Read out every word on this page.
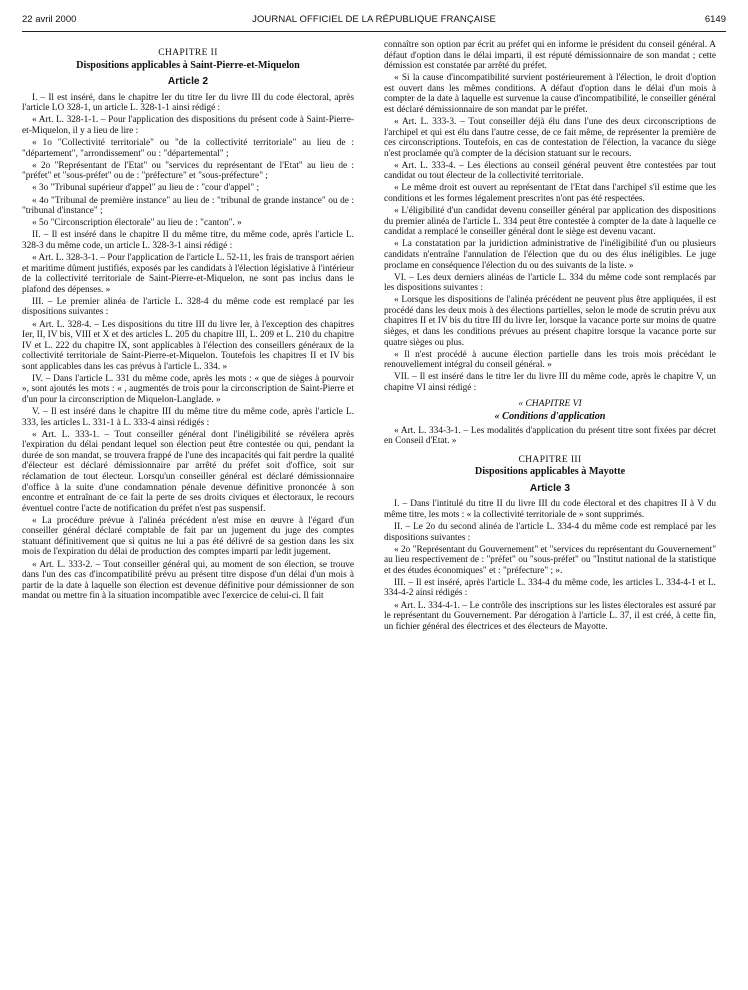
22 avril 2000	JOURNAL OFFICIEL DE LA RÉPUBLIQUE FRANÇAISE	6149

CHAPITRE II

Dispositions applicables à Saint-Pierre-et-Miquelon

Article 2

I. – Il est inséré, dans le chapitre Ier du titre Ier du livre III du code électoral, après l'article LO 328-1, un article L. 328-1-1 ainsi rédigé :

« Art. L. 328-1-1. – Pour l'application des dispositions du présent code à Saint-Pierre-et-Miquelon, il y a lieu de lire :

« 1o "Collectivité territoriale" ou "de la collectivité territoriale" au lieu de : "département", "arrondissement" ou : "départemental" ;

« 2o "Représentant de l'Etat" ou "services du représentant de l'Etat" au lieu de : "préfet" et "sous-préfet" ou de : "préfecture" et "sous-préfecture" ;

« 3o "Tribunal supérieur d'appel" au lieu de : "cour d'appel" ;

« 4o "Tribunal de première instance" au lieu de : "tribunal de grande instance" ou de : "tribunal d'instance" ;

« 5o "Circonscription électorale" au lieu de : "canton". »

II. – Il est inséré dans le chapitre II du même titre, du même code, après l'article L. 328-3 du même code, un article L. 328-3-1 ainsi rédigé :

« Art. L. 328-3-1. – Pour l'application de l'article L. 52-11, les frais de transport aérien et maritime dûment justifiés, exposés par les candidats à l'élection législative à l'intérieur de la collectivité territoriale de Saint-Pierre-et-Miquelon, ne sont pas inclus dans le plafond des dépenses. »

III. – Le premier alinéa de l'article L. 328-4 du même code est remplacé par les dispositions suivantes :

« Art. L. 328-4. – Les dispositions du titre III du livre Ier, à l'exception des chapitres Ier, II, IV bis, VIII et X et des articles L. 205 du chapitre III, L. 209 et L. 210 du chapitre IV et L. 222 du chapitre IX, sont applicables à l'élection des conseillers généraux de la collectivité territoriale de Saint-Pierre-et-Miquelon. Toutefois les chapitres II et IV bis sont applicables dans les cas prévus à l'article L. 334. »

IV. – Dans l'article L. 331 du même code, après les mots : « que de sièges à pourvoir », sont ajoutés les mots : « , augmentés de trois pour la circonscription de Saint-Pierre et d'un pour la circonscription de Miquelon-Langlade. »

V. – Il est inséré dans le chapitre III du même titre du même code, après l'article L. 333, les articles L. 331-1 à L. 333-4 ainsi rédigés :

« Art. L. 333-1. – Tout conseiller général dont l'inéligibilité se révélera après l'expiration du délai pendant lequel son élection peut être contestée ou qui, pendant la durée de son mandat, se trouvera frappé de l'une des incapacités qui fait perdre la qualité d'électeur est déclaré démissionnaire par arrêté du préfet soit d'office, soit sur réclamation de tout électeur. Lorsqu'un conseiller général est déclaré démissionnaire d'office à la suite d'une condamnation pénale devenue définitive prononcée à son encontre et entraînant de ce fait la perte de ses droits civiques et électoraux, le recours éventuel contre l'acte de notification du préfet n'est pas suspensif.

« La procédure prévue à l'alinéa précédent n'est mise en œuvre à l'égard d'un conseiller général déclaré comptable de fait par un jugement du juge des comptes statuant définitivement que si quitus ne lui a pas été délivré de sa gestion dans les six mois de l'expiration du délai de production des comptes imparti par ledit jugement.

« Art. L. 333-2. – Tout conseiller général qui, au moment de son élection, se trouve dans l'un des cas d'incompatibilité prévu au présent titre dispose d'un délai d'un mois à partir de la date à laquelle son élection est devenue définitive pour démissionner de son mandat ou mettre fin à la situation incompatible avec l'exercice de celui-ci. Il fait

connaître son option par écrit au préfet qui en informe le président du conseil général. A défaut d'option dans le délai imparti, il est réputé démissionnaire de son mandat ; cette démission est constatée par arrêté du préfet.

« Si la cause d'incompatibilité survient postérieurement à l'élection, le droit d'option est ouvert dans les mêmes conditions. A défaut d'option dans le délai d'un mois à compter de la date à laquelle est survenue la cause d'incompatibilité, le conseiller général est déclaré démissionnaire de son mandat par le préfet.

« Art. L. 333-3. – Tout conseiller déjà élu dans l'une des deux circonscriptions de l'archipel et qui est élu dans l'autre cesse, de ce fait même, de représenter la première de ces circonscriptions. Toutefois, en cas de contestation de l'élection, la vacance du siège n'est proclamée qu'à compter de la décision statuant sur le recours.

« Art. L. 333-4. – Les élections au conseil général peuvent être contestées par tout candidat ou tout électeur de la collectivité territoriale.

« Le même droit est ouvert au représentant de l'Etat dans l'archipel s'il estime que les conditions et les formes légalement prescrites n'ont pas été respectées.

« L'éligibilité d'un candidat devenu conseiller général par application des dispositions du premier alinéa de l'article L. 334 peut être contestée à compter de la date à laquelle ce candidat a remplacé le conseiller général dont le siège est devenu vacant.

« La constatation par la juridiction administrative de l'inéligibilité d'un ou plusieurs candidats n'entraîne l'annulation de l'élection que du ou des élus inéligibles. Le juge proclame en conséquence l'élection du ou des suivants de la liste. »

VI. – Les deux derniers alinéas de l'article L. 334 du même code sont remplacés par les dispositions suivantes :

« Lorsque les dispositions de l'alinéa précédent ne peuvent plus être appliquées, il est procédé dans les deux mois à des élections partielles, selon le mode de scrutin prévu aux chapitres II et IV bis du titre III du livre Ier, lorsque la vacance porte sur moins de quatre sièges, et dans les conditions prévues au présent chapitre lorsque la vacance porte sur quatre sièges ou plus.

« Il n'est procédé à aucune élection partielle dans les trois mois précédant le renouvellement intégral du conseil général. »

VII. – Il est inséré dans le titre Ier du livre III du même code, après le chapitre V, un chapitre VI ainsi rédigé :

« CHAPITRE VI

« Conditions d'application

« Art. L. 334-3-1. – Les modalités d'application du présent titre sont fixées par décret en Conseil d'Etat. »

CHAPITRE III

Dispositions applicables à Mayotte

Article 3

I. – Dans l'intitulé du titre II du livre III du code électoral et des chapitres II à V du même titre, les mots : « la collectivité territoriale de » sont supprimés.

II. – Le 2o du second alinéa de l'article L. 334-4 du même code est remplacé par les dispositions suivantes :

« 2o "Représentant du Gouvernement" et "services du représentant du Gouvernement" au lieu respectivement de : "préfet" ou "sous-préfet" ou "Institut national de la statistique et des études économiques" et : "préfecture" ; ».

III. – Il est inséré, après l'article L. 334-4 du même code, les articles L. 334-4-1 et L. 334-4-2 ainsi rédigés :

« Art. L. 334-4-1. – Le contrôle des inscriptions sur les listes électorales est assuré par le représentant du Gouvernement. Par dérogation à l'article L. 37, il est créé, à cette fin, un fichier général des électrices et des électeurs de Mayotte.
